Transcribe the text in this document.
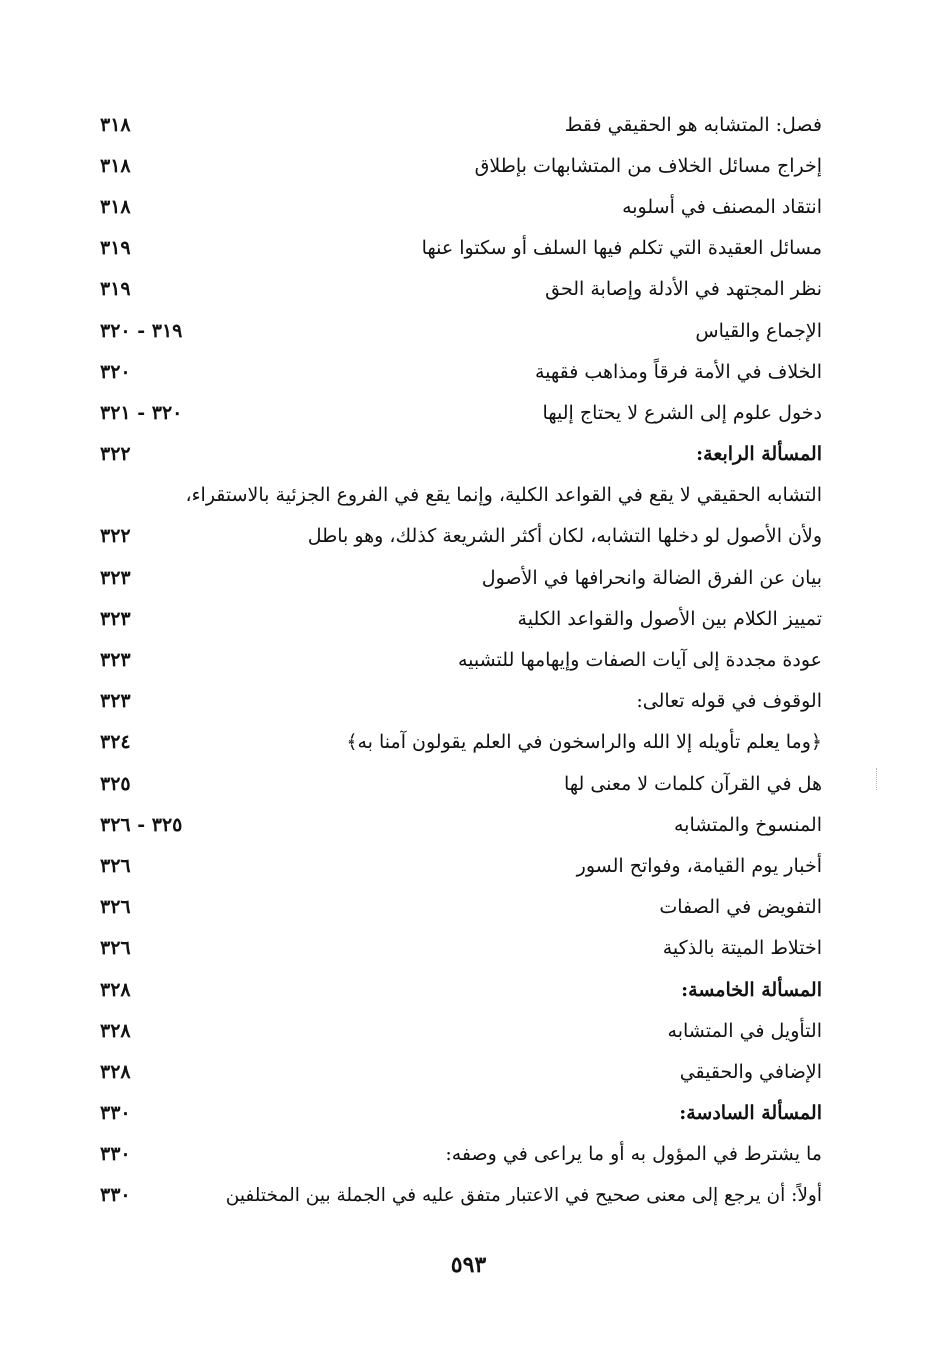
فصل: المتشابه هو الحقيقي فقط
٣١٨
إخراج مسائل الخلاف من المتشابهات بإطلاق
٣١٨
انتقاد المصنف في أسلوبه
٣١٨
مسائل العقيدة التي تكلم فيها السلف أو سكتوا عنها
٣١٩
نظر المجتهد في الأدلة وإصابة الحق
٣١٩
الإجماع والقياس
٣١٩ - ٣٢٠
الخلاف في الأمة فرقاً ومذاهب فقهية
٣٢٠
دخول علوم إلى الشرع لا يحتاج إليها
٣٢٠ - ٣٢١
المسألة الرابعة:
٣٢٢
التشابه الحقيقي لا يقع في القواعد الكلية، وإنما يقع في الفروع الجزئية بالاستقراء،
ولأن الأصول لو دخلها التشابه، لكان أكثر الشريعة كذلك، وهو باطل
٣٢٢
بيان عن الفرق الضالة وانحرافها في الأصول
٣٢٣
تمييز الكلام بين الأصول والقواعد الكلية
٣٢٣
عودة مجددة إلى آيات الصفات وإيهامها للتشبيه
٣٢٣
الوقوف في قوله تعالى:
٣٢٣
﴿وما يعلم تأويله إلا الله والراسخون في العلم يقولون آمنا به﴾
٣٢٤
هل في القرآن كلمات لا معنى لها
٣٢٥
المنسوخ والمتشابه
٣٢٥ - ٣٢٦
أخبار يوم القيامة، وفواتح السور
٣٢٦
التفويض في الصفات
٣٢٦
اختلاط الميتة بالذكية
٣٢٦
المسألة الخامسة:
٣٢٨
التأويل في المتشابه
٣٢٨
الإضافي والحقيقي
٣٢٨
المسألة السادسة:
٣٣٠
ما يشترط في المؤول به أو ما يراعى في وصفه:
٣٣٠
أولاً: أن يرجع إلى معنى صحيح في الاعتبار متفق عليه في الجملة بين المختلفين
٣٣٠
٥٩٣
